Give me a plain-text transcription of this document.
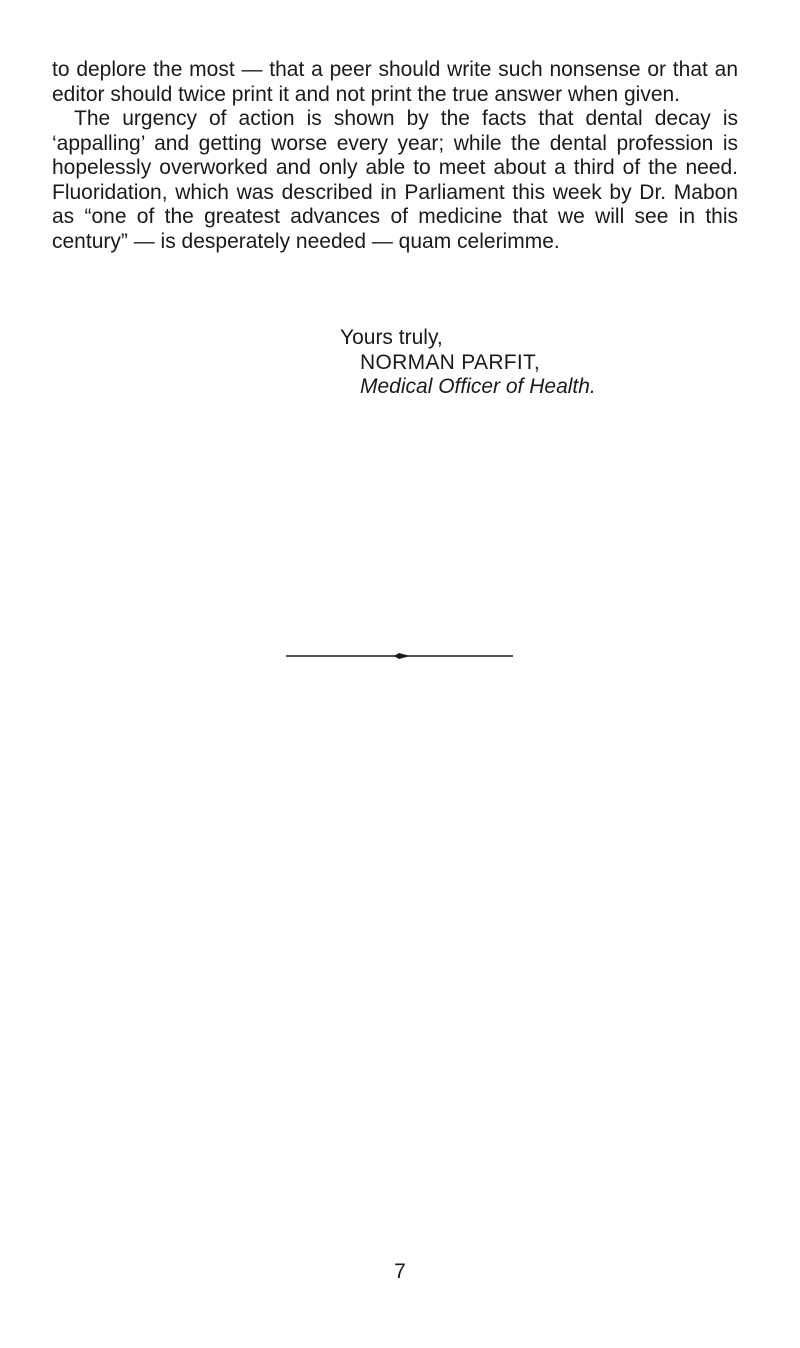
to deplore the most — that a peer should write such nonsense or that an editor should twice print it and not print the true answer when given.

The urgency of action is shown by the facts that dental decay is ‘appalling’ and getting worse every year; while the dental profession is hopelessly overworked and only able to meet about a third of the need. Fluoridation, which was described in Parliament this week by Dr. Mabon as “one of the greatest advances of medicine that we will see in this century” — is desperately needed — quam celerimme.

Yours truly,
NORMAN PARFIT,
Medical Officer of Health.
7
